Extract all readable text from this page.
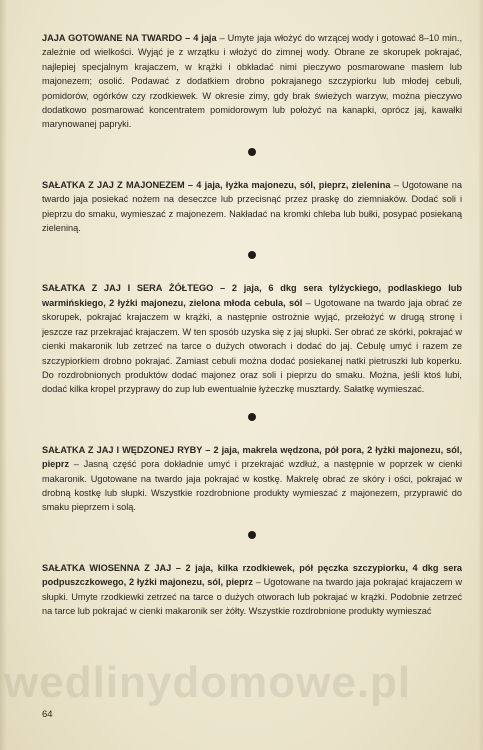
JAJA GOTOWANE NA TWARDO – 4 jaja – Umyte jaja włożyć do wrzącej wody i gotować 8–10 min., zależnie od wielkości. Wyjąć je z wrzątku i włożyć do zimnej wody. Obrane ze skorupek pokrajać, najlepiej specjalnym krajaczem, w krążki i obkładać nimi pieczywo posmarowane masłem lub majonezem; osolić. Podawać z dodatkiem drobno pokrajanego szczypiorku lub młodej cebuli, pomidorów, ogórków czy rzodkiewek. W okresie zimy, gdy brak świeżych warzyw, można pieczywo dodatkowo posmarować koncentratem pomidorowym lub położyć na kanapki, oprócz jaj, kawałki marynowanej papryki.

SAŁATKA Z JAJ Z MAJONEZEM – 4 jaja, łyżka majonezu, sól, pieprz, zielenina – Ugotowane na twardo jaja posiekać nożem na deseczce lub przecisnąć przez praskę do ziemniaków. Dodać soli i pieprzu do smaku, wymieszać z majonezem. Nakładać na kromki chleba lub bułki, posypać posiekaną zieleniną.

SAŁATKA Z JAJ I SERA ŻÓŁTEGO – 2 jaja, 6 dkg sera tylżyckiego, podlaskiego lub warmińskiego, 2 łyżki majonezu, zielona młoda cebula, sól – Ugotowane na twardo jaja obrać ze skorupek, pokrajać krajaczem w krążki, a następnie ostrożnie wyjąć, przełożyć w drugą stronę i jeszcze raz przekrajać krajaczem. W ten sposób uzyska się z jaj słupki. Ser obrać ze skórki, pokrajać w cienki makaronik lub zetrzeć na tarce o dużych otworach i dodać do jaj. Cebulę umyć i razem ze szczypiorkiem drobno pokrajać. Zamiast cebuli można dodać posiekanej natki pietruszki lub koperku. Do rozdrobnionych produktów dodać majonez oraz soli i pieprzu do smaku. Można, jeśli ktoś lubi, dodać kilka kropel przyprawy do zup lub ewentualnie łyżeczkę musztardy. Sałatkę wymieszać.

SAŁATKA Z JAJ I WĘDZONEJ RYBY – 2 jaja, makrela wędzona, pół pora, 2 łyżki majonezu, sól, pieprz – Jasną część pora dokładnie umyć i przekrajać wzdłuż, a następnie w poprzek w cienki makaronik. Ugotowane na twardo jaja pokrajać w kostkę. Makrelę obrać ze skóry i ości, pokrajać w drobną kostkę lub słupki. Wszystkie rozdrobnione produkty wymieszać z majonezem, przyprawić do smaku pieprzem i solą.

SAŁATKA WIOSENNA Z JAJ – 2 jaja, kilka rzodkiewek, pół pęczka szczypiorku, 4 dkg sera podpuszczkowego, 2 łyżki majonezu, sól, pieprz – Ugotowane na twardo jaja pokrajać krajaczem w słupki. Umyte rzodkiewki zetrzeć na tarce o dużych otworach lub pokrajać w krążki. Podobnie zetrzeć na tarce lub pokrajać w cienki makaronik ser żółty. Wszystkie rozdrobnione produkty wymieszać

wedlinydomowe.pl
64
